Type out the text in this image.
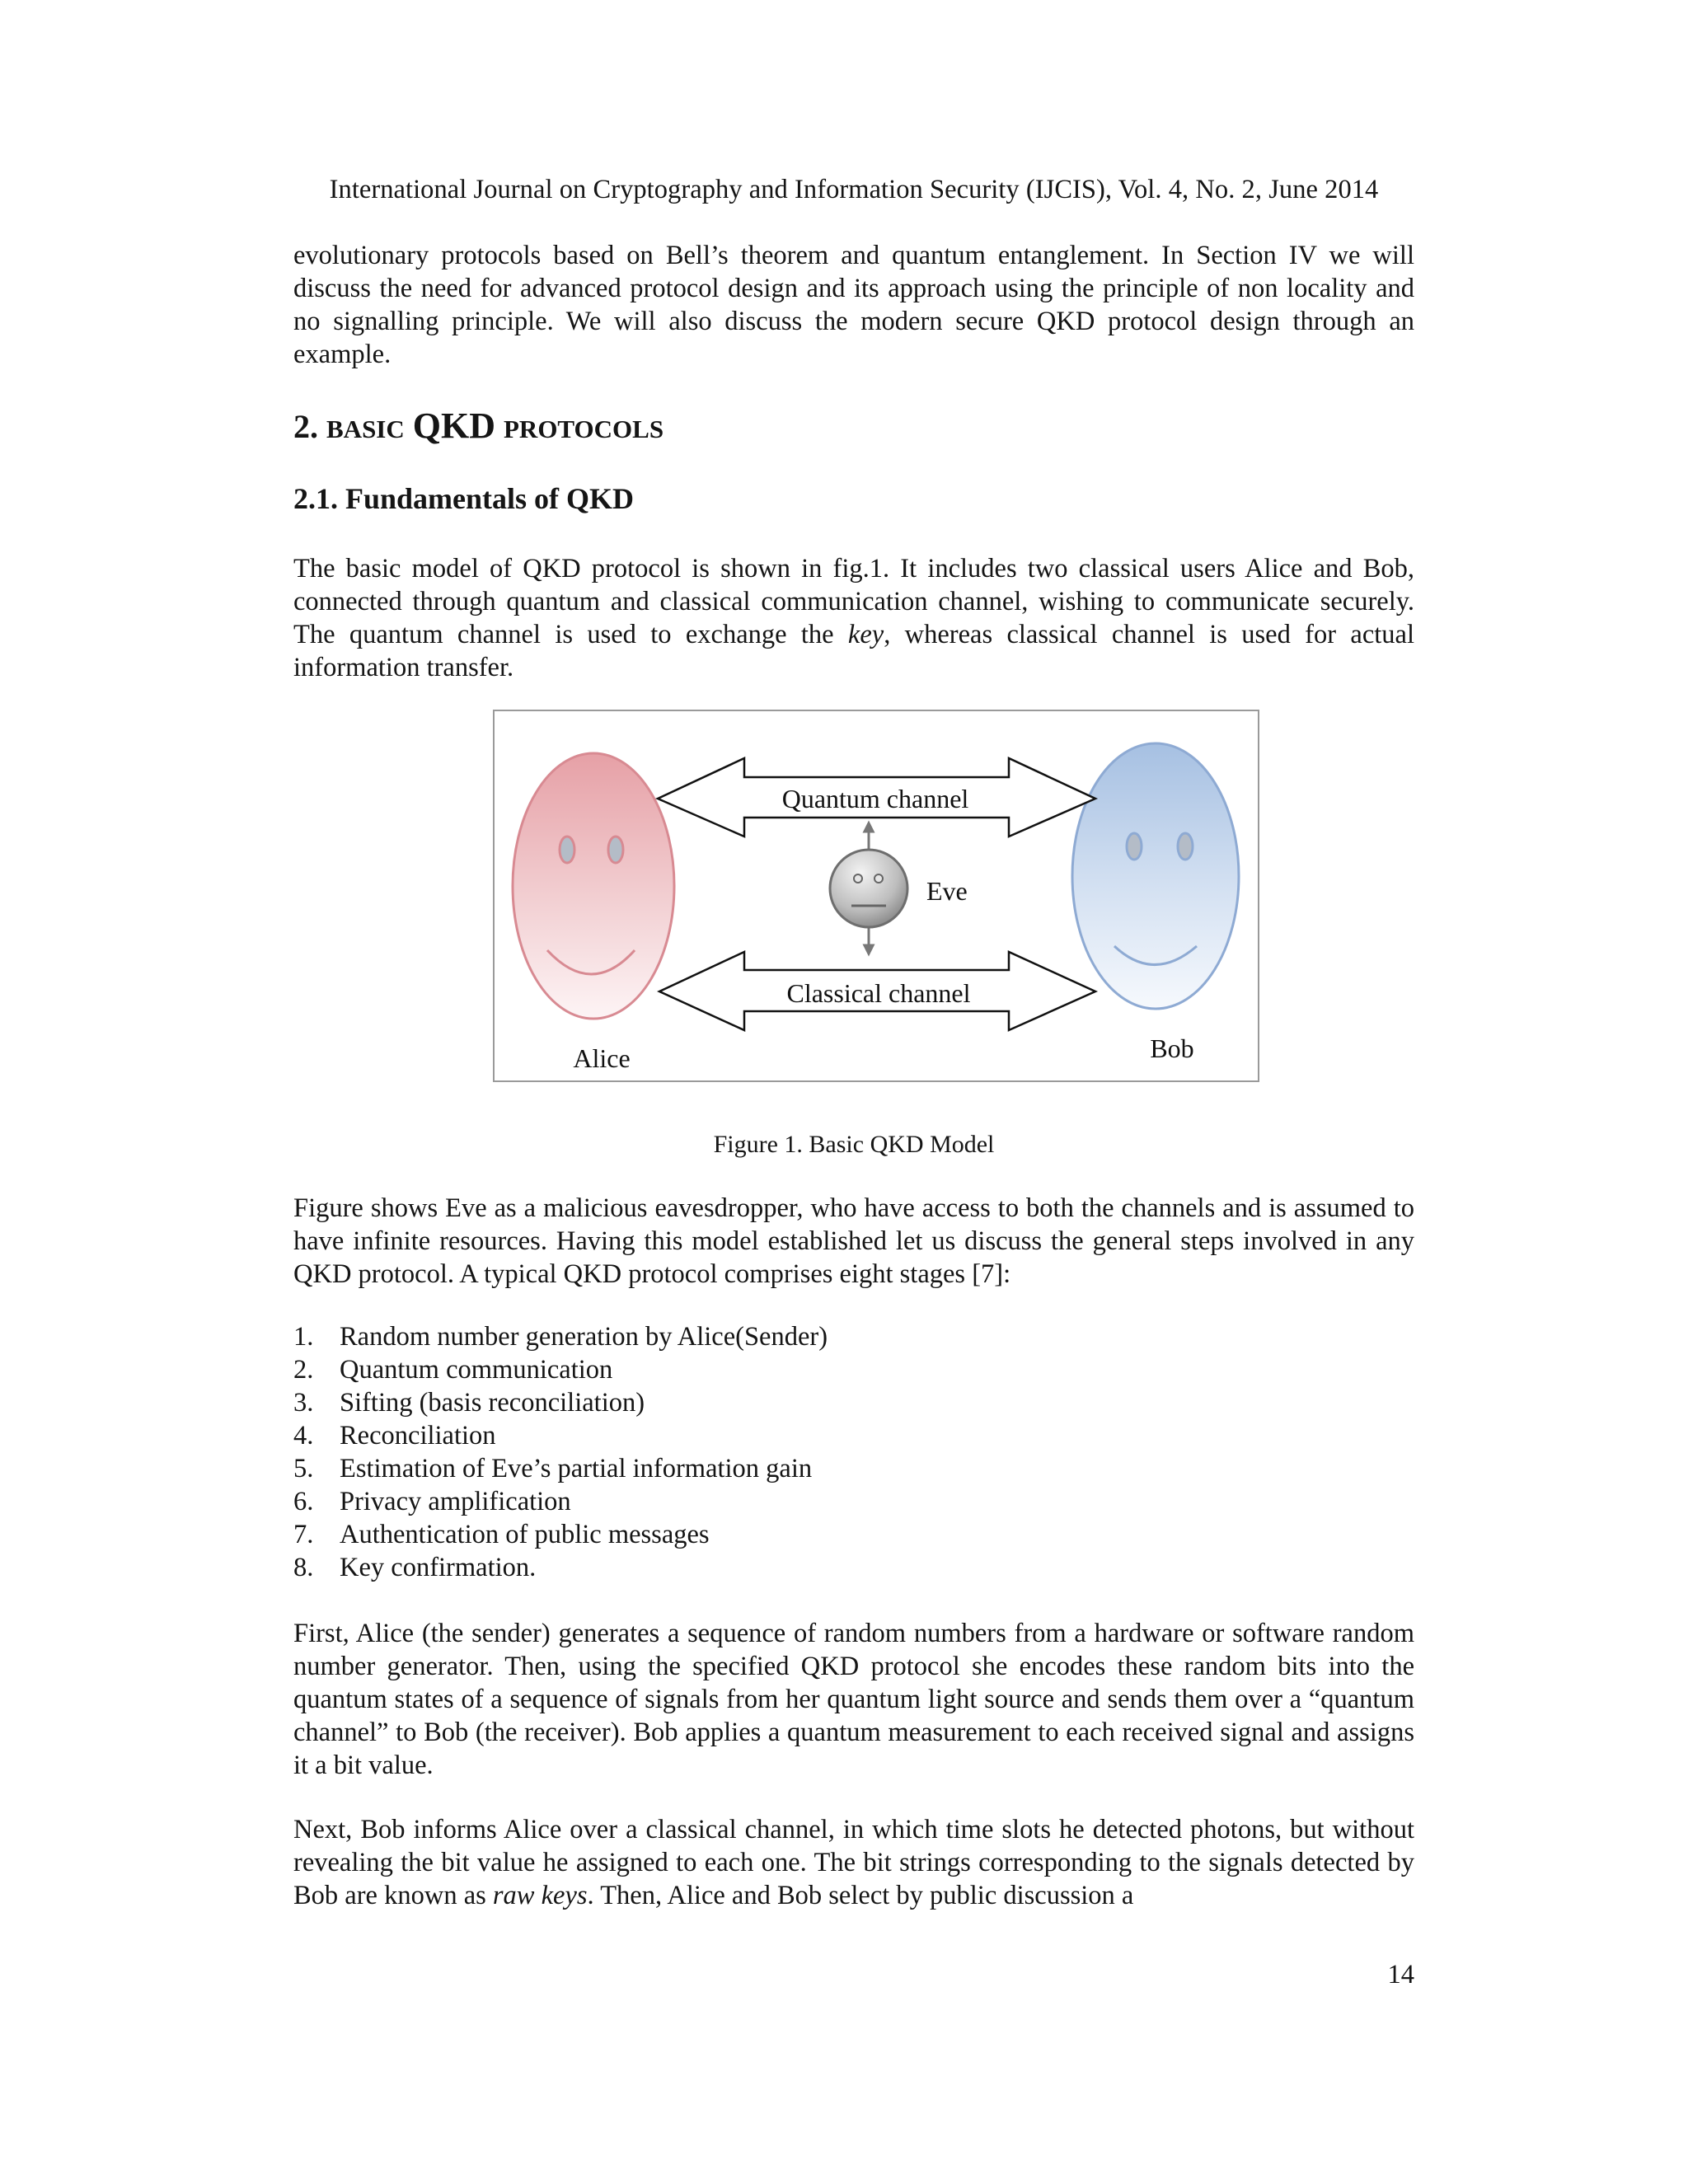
International Journal on Cryptography and Information Security (IJCIS), Vol. 4, No. 2, June 2014

evolutionary protocols based on Bell’s theorem and quantum entanglement. In Section IV we will discuss the need for advanced protocol design and its approach using the principle of non locality and no signalling principle. We will also discuss the modern secure QKD protocol design through an example.

2. BASIC QKD PROTOCOLS
2.1. Fundamentals of QKD

The basic model of QKD protocol is shown in fig.1. It includes two classical users Alice and Bob, connected through quantum and classical communication channel, wishing to communicate securely. The quantum channel is used to exchange the key, whereas classical channel is used for actual information transfer.

Quantum channel
Classical channel
Eve
Alice	Bob
Figure 1. Basic QKD Model

Figure shows Eve as a malicious eavesdropper, who have access to both the channels and is assumed to have infinite resources. Having this model established let us discuss the general steps involved in any QKD protocol. A typical QKD protocol comprises eight stages [7]:

1. Random number generation by Alice(Sender)
2. Quantum communication
3. Sifting (basis reconciliation)
4. Reconciliation
5. Estimation of Eve’s partial information gain
6. Privacy amplification
7. Authentication of public messages
8. Key confirmation.

First, Alice (the sender) generates a sequence of random numbers from a hardware or software random number generator. Then, using the specified QKD protocol she encodes these random bits into the quantum states of a sequence of signals from her quantum light source and sends them over a “quantum channel” to Bob (the receiver). Bob applies a quantum measurement to each received signal and assigns it a bit value.

Next, Bob informs Alice over a classical channel, in which time slots he detected photons, but without revealing the bit value he assigned to each one. The bit strings corresponding to the signals detected by Bob are known as raw keys. Then, Alice and Bob select by public discussion a

14
